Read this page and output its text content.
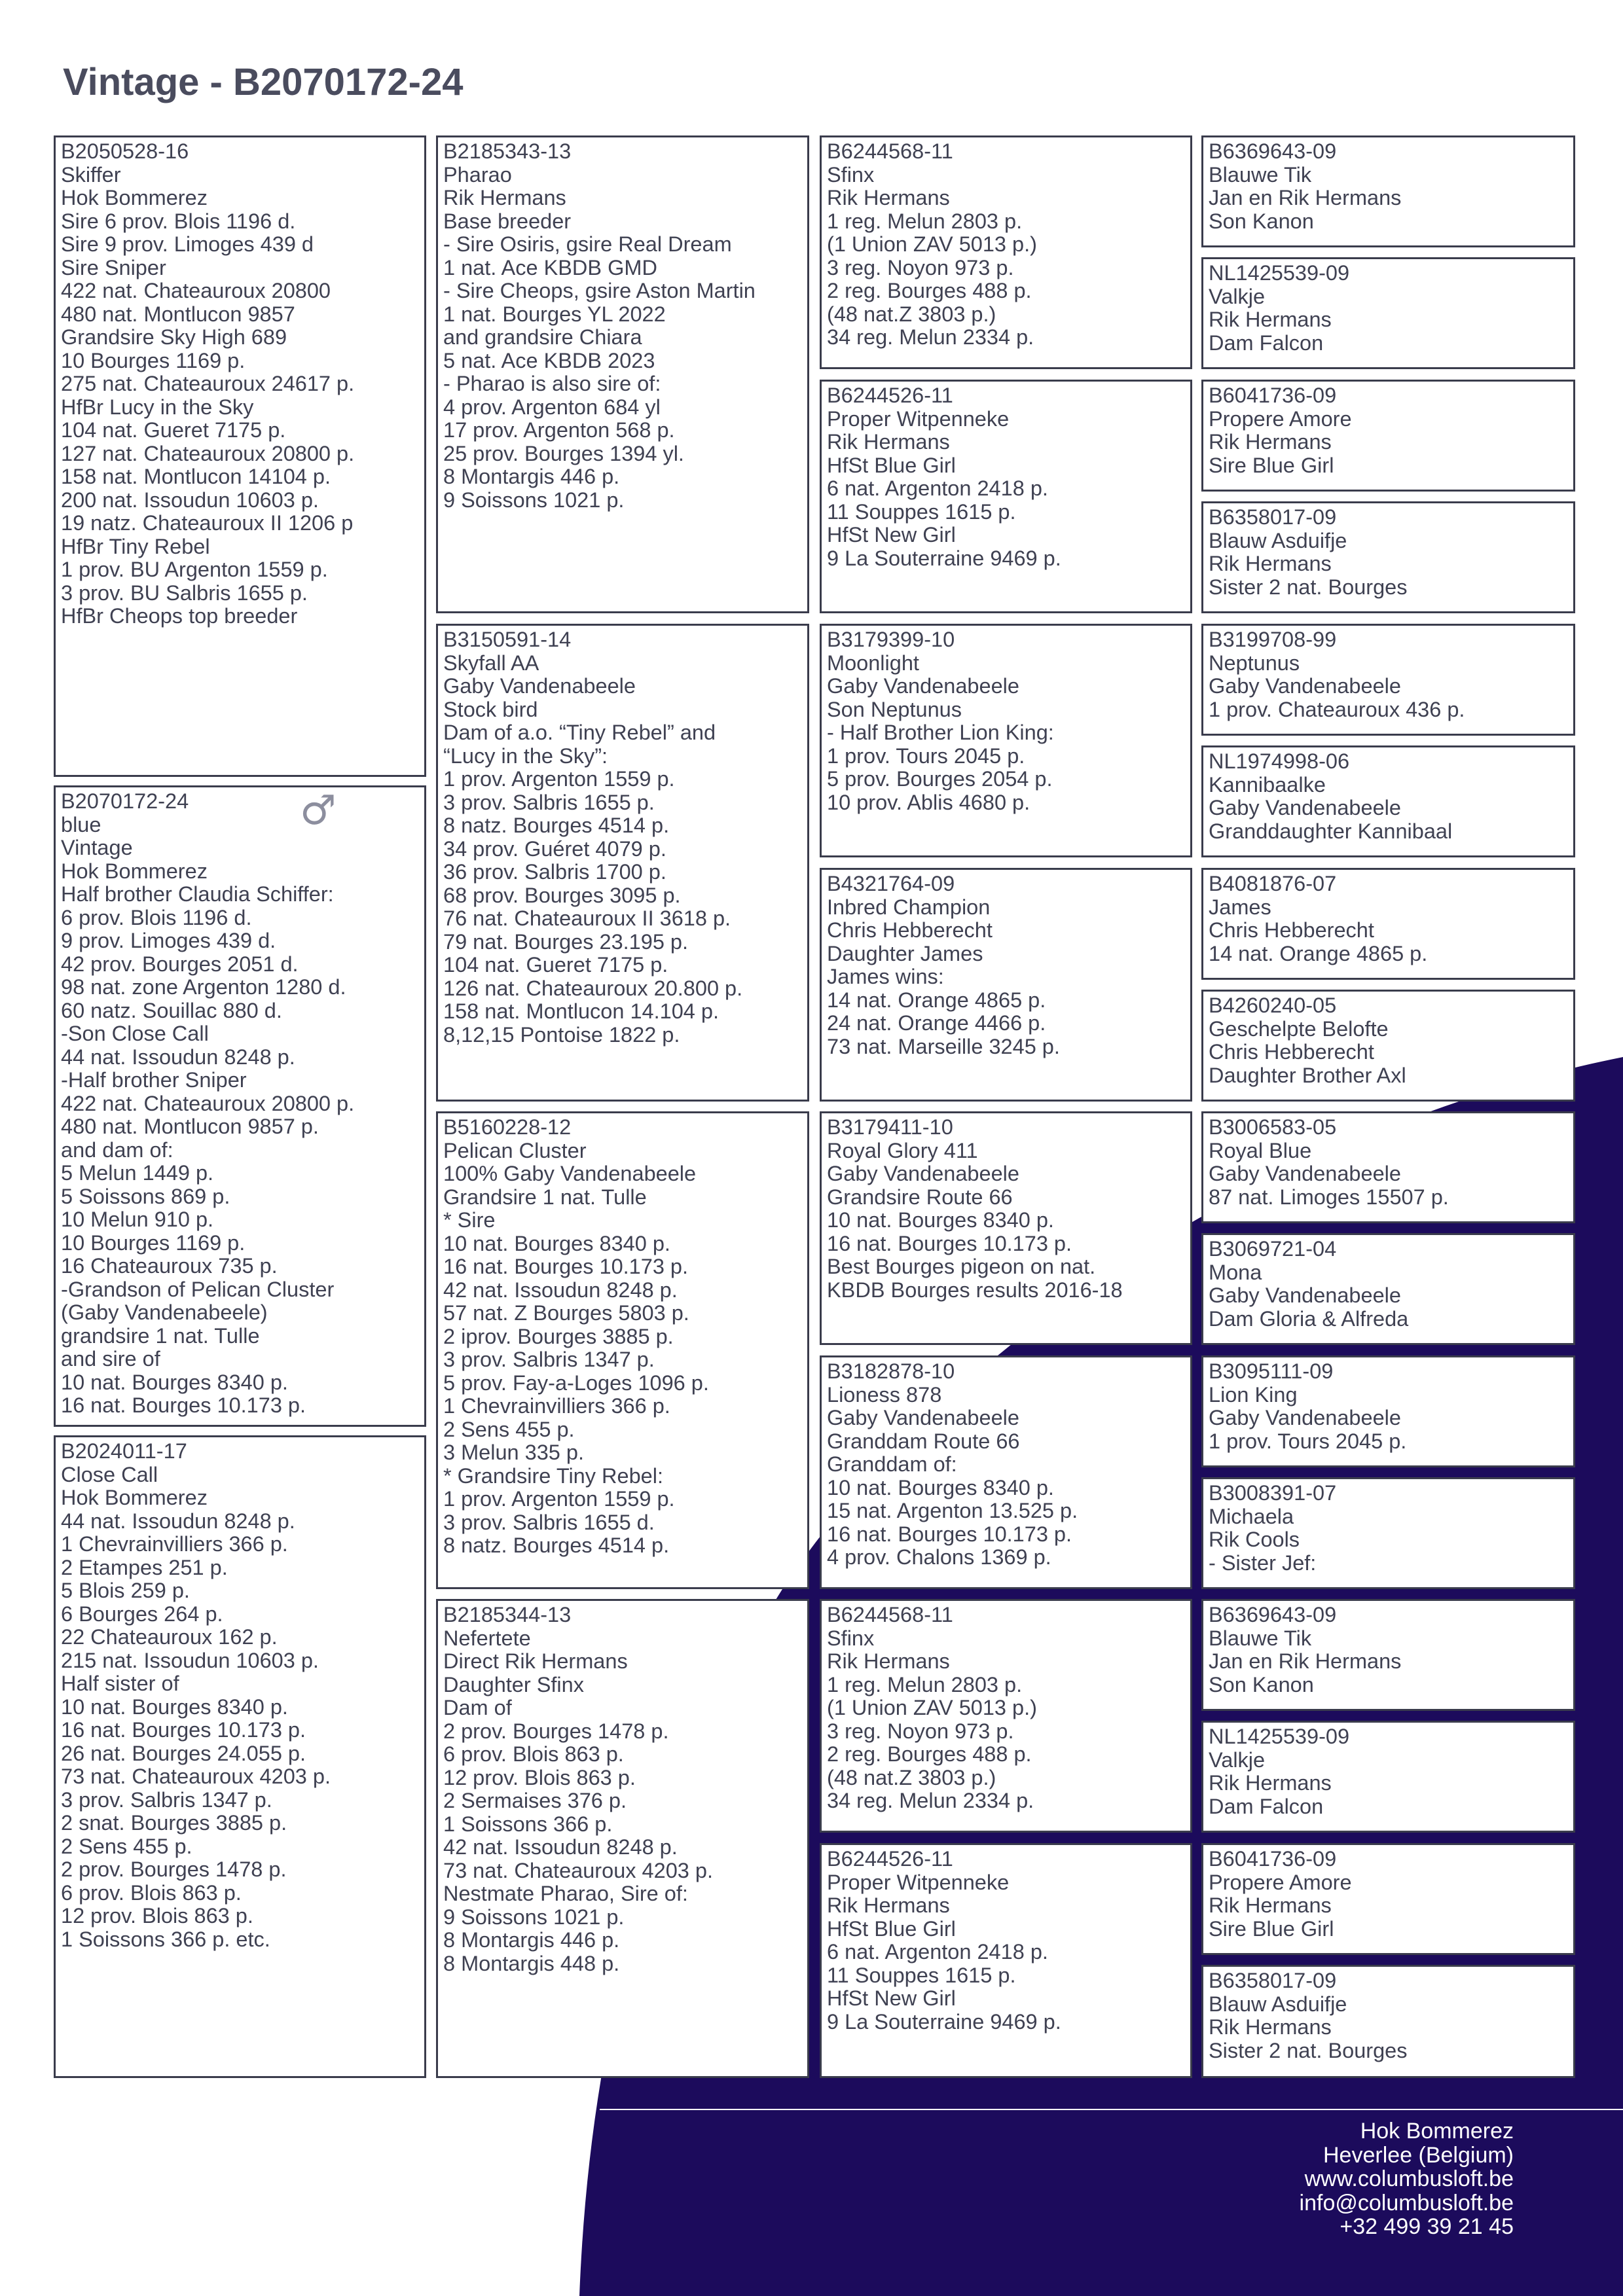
Vintage - B2070172-24
B2050528-16
Skiffer
Hok Bommerez
Sire 6 prov. Blois 1196 d.
Sire 9 prov. Limoges 439 d
Sire Sniper
422 nat. Chateauroux 20800
480 nat. Montlucon 9857
Grandsire Sky High 689
10 Bourges 1169 p.
275 nat. Chateauroux 24617 p.
HfBr Lucy in the Sky
104 nat. Gueret 7175 p.
127 nat. Chateauroux 20800 p.
158 nat. Montlucon 14104 p.
200 nat. Issoudun 10603 p.
19 natz. Chateauroux II 1206 p
HfBr Tiny Rebel
1 prov. BU Argenton 1559 p.
3 prov. BU Salbris 1655 p.
HfBr Cheops top breeder
B2070172-24
blue
Vintage
Hok Bommerez
Half brother Claudia Schiffer:
6 prov. Blois 1196 d.
9 prov. Limoges 439 d.
42 prov. Bourges 2051 d.
98 nat. zone Argenton 1280 d.
60 natz. Souillac 880 d.
-Son Close Call
44 nat. Issoudun 8248 p.
-Half brother Sniper
422 nat. Chateauroux 20800 p.
480 nat. Montlucon 9857 p.
and dam of:
5 Melun 1449 p.
5 Soissons 869 p.
10 Melun 910 p.
10 Bourges 1169 p.
16 Chateauroux 735 p.
-Grandson of Pelican Cluster
(Gaby Vandenabeele)
grandsire 1 nat. Tulle
and sire of
10 nat. Bourges 8340 p.
16 nat. Bourges 10.173 p.
♂
B2024011-17
Close Call
Hok Bommerez
44 nat. Issoudun 8248 p.
1 Chevrainvilliers 366 p.
2 Etampes 251 p.
5 Blois 259 p.
6 Bourges 264 p.
22 Chateauroux 162 p.
215 nat. Issoudun 10603 p.
Half sister of
10 nat. Bourges 8340 p.
16 nat. Bourges 10.173 p.
26 nat. Bourges 24.055 p.
73 nat. Chateauroux 4203 p.
3 prov. Salbris 1347 p.
2 snat. Bourges 3885 p.
2 Sens 455 p.
2 prov. Bourges 1478 p.
6 prov. Blois 863 p.
12 prov. Blois 863 p.
1 Soissons 366 p. etc.
B2185343-13
Pharao
Rik Hermans
Base breeder
- Sire Osiris, gsire Real Dream
1 nat. Ace KBDB GMD
- Sire Cheops, gsire Aston Martin
1 nat. Bourges YL 2022
and grandsire Chiara
5 nat. Ace KBDB 2023
- Pharao is also sire of:
4 prov. Argenton 684 yl
17 prov. Argenton 568 p.
25 prov. Bourges 1394 yl.
8 Montargis 446 p.
9 Soissons 1021 p.
B3150591-14
Skyfall AA
Gaby Vandenabeele
Stock bird
Dam of a.o. “Tiny Rebel” and
“Lucy in the Sky”:
1 prov. Argenton 1559 p.
3 prov. Salbris 1655 p.
8 natz. Bourges 4514 p.
34 prov. Guéret 4079 p.
36 prov. Salbris 1700 p.
68 prov. Bourges 3095 p.
76 nat. Chateauroux II 3618 p.
79 nat. Bourges 23.195 p.
104 nat. Gueret 7175 p.
126 nat. Chateauroux 20.800 p.
158 nat. Montlucon 14.104 p.
8,12,15 Pontoise 1822 p.
B5160228-12
Pelican Cluster
100% Gaby Vandenabeele
Grandsire 1 nat. Tulle
* Sire
10 nat. Bourges 8340 p.
16 nat. Bourges 10.173 p.
42 nat. Issoudun 8248 p.
57 nat. Z Bourges 5803 p.
2 iprov. Bourges 3885 p.
3 prov. Salbris 1347 p.
5 prov. Fay-a-Loges 1096 p.
1 Chevrainvilliers 366 p.
2 Sens 455 p.
3 Melun 335 p.
* Grandsire Tiny Rebel:
1 prov. Argenton 1559 p.
3 prov. Salbris 1655 d.
8 natz. Bourges 4514 p.
B2185344-13
Nefertete
Direct Rik Hermans
Daughter Sfinx
Dam of
2 prov. Bourges 1478 p.
6 prov. Blois 863 p.
12 prov. Blois 863 p.
2 Sermaises 376 p.
1 Soissons 366 p.
42 nat. Issoudun 8248 p.
73 nat. Chateauroux 4203 p.
Nestmate Pharao, Sire of:
9 Soissons 1021 p.
8 Montargis 446 p.
8 Montargis 448 p.
B6244568-11
Sfinx
Rik Hermans
1 reg. Melun 2803 p.
(1 Union ZAV 5013 p.)
3 reg. Noyon 973 p.
2 reg. Bourges 488 p.
(48 nat.Z 3803 p.)
34 reg. Melun 2334 p.
B6244526-11
Proper Witpenneke
Rik Hermans
HfSt Blue Girl
6 nat. Argenton 2418 p.
11 Souppes 1615 p.
HfSt New Girl
9 La Souterraine 9469 p.
B3179399-10
Moonlight
Gaby Vandenabeele
Son Neptunus
- Half Brother Lion King:
1 prov. Tours 2045 p.
5 prov. Bourges 2054 p.
10 prov. Ablis 4680 p.
B4321764-09
Inbred Champion
Chris Hebberecht
Daughter James
James wins:
14 nat. Orange 4865 p.
24 nat. Orange 4466 p.
73 nat. Marseille 3245 p.
B3179411-10
Royal Glory 411
Gaby Vandenabeele
Grandsire Route 66
10 nat. Bourges 8340 p.
16 nat. Bourges 10.173 p.
Best Bourges pigeon on nat.
KBDB Bourges results 2016-18
B3182878-10
Lioness 878
Gaby Vandenabeele
Granddam Route 66
Granddam of:
10 nat. Bourges 8340 p.
15 nat. Argenton 13.525 p.
16 nat. Bourges 10.173 p.
4 prov. Chalons 1369 p.
B6244568-11
Sfinx
Rik Hermans
1 reg. Melun 2803 p.
(1 Union ZAV 5013 p.)
3 reg. Noyon 973 p.
2 reg. Bourges 488 p.
(48 nat.Z 3803 p.)
34 reg. Melun 2334 p.
B6244526-11
Proper Witpenneke
Rik Hermans
HfSt Blue Girl
6 nat. Argenton 2418 p.
11 Souppes 1615 p.
HfSt New Girl
9 La Souterraine 9469 p.
B6369643-09
Blauwe Tik
Jan en Rik Hermans
Son Kanon
NL1425539-09
Valkje
Rik Hermans
Dam Falcon
B6041736-09
Propere Amore
Rik Hermans
Sire Blue Girl
B6358017-09
Blauw Asduifje
Rik Hermans
Sister 2 nat. Bourges
B3199708-99
Neptunus
Gaby Vandenabeele
1 prov. Chateauroux 436 p.
NL1974998-06
Kannibaalke
Gaby Vandenabeele
Granddaughter Kannibaal
B4081876-07
James
Chris Hebberecht
14 nat. Orange 4865 p.
B4260240-05
Geschelpte Belofte
Chris Hebberecht
Daughter Brother Axl
B3006583-05
Royal Blue
Gaby Vandenabeele
87 nat. Limoges 15507 p.
B3069721-04
Mona
Gaby Vandenabeele
Dam Gloria & Alfreda
B3095111-09
Lion King
Gaby Vandenabeele
1 prov. Tours 2045 p.
B3008391-07
Michaela
Rik Cools
- Sister Jef:
B6369643-09
Blauwe Tik
Jan en Rik Hermans
Son Kanon
NL1425539-09
Valkje
Rik Hermans
Dam Falcon
B6041736-09
Propere Amore
Rik Hermans
Sire Blue Girl
B6358017-09
Blauw Asduifje
Rik Hermans
Sister 2 nat. Bourges
Hok Bommerez
Heverlee (Belgium)
www.columbusloft.be
info@columbusloft.be
+32 499 39 21 45
